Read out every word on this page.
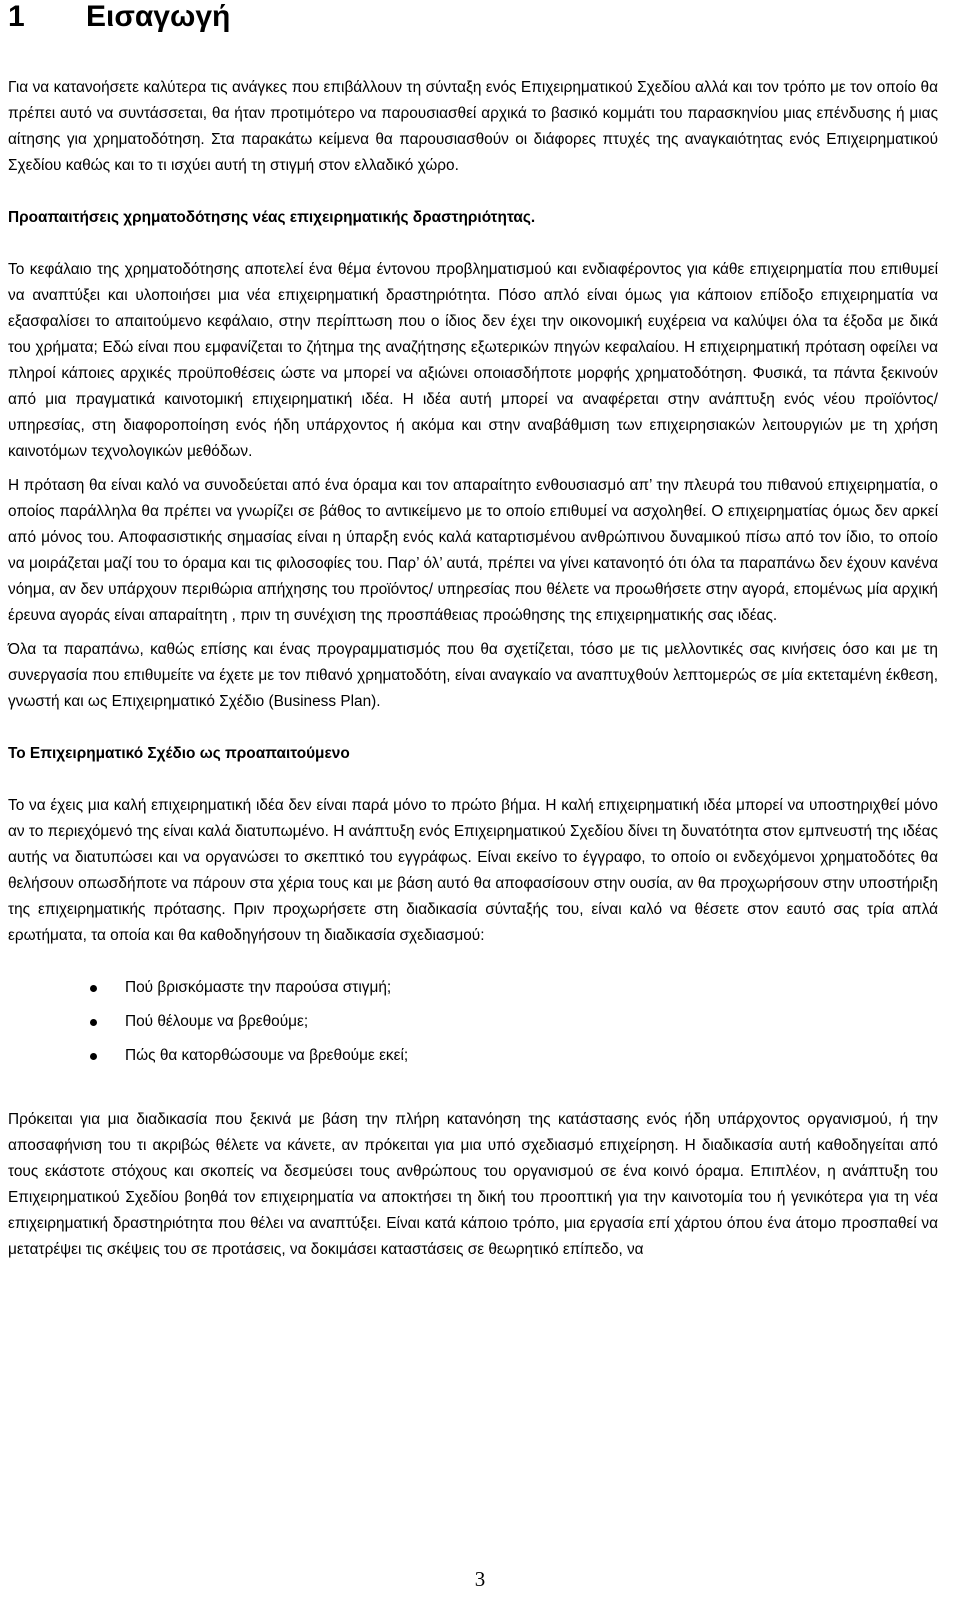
1	Εισαγωγή

Για να κατανοήσετε καλύτερα τις ανάγκες που επιβάλλουν τη σύνταξη ενός Επιχειρηματικού Σχεδίου αλλά και τον τρόπο με τον οποίο θα πρέπει αυτό να συντάσσεται, θα ήταν προτιμότερο να παρουσιασθεί αρχικά το βασικό κομμάτι του παρασκηνίου μιας επένδυσης ή μιας αίτησης για χρηματοδότηση. Στα παρακάτω κείμενα θα παρουσιασθούν οι διάφορες πτυχές της αναγκαιότητας ενός Επιχειρηματικού Σχεδίου καθώς και το τι ισχύει αυτή τη στιγμή στον ελλαδικό χώρο.

Προαπαιτήσεις χρηματοδότησης νέας επιχειρηματικής δραστηριότητας.

Το κεφάλαιο της χρηματοδότησης αποτελεί ένα θέμα έντονου προβληματισμού και ενδιαφέροντος για κάθε επιχειρηματία που επιθυμεί να αναπτύξει και υλοποιήσει μια νέα επιχειρηματική δραστηριότητα. Πόσο απλό είναι όμως για κάποιον επίδοξο επιχειρηματία να εξασφαλίσει το απαιτούμενο κεφάλαιο, στην περίπτωση που ο ίδιος δεν έχει την οικονομική ευχέρεια να καλύψει όλα τα έξοδα με δικά του χρήματα; Εδώ είναι που εμφανίζεται το ζήτημα της αναζήτησης εξωτερικών πηγών κεφαλαίου. Η επιχειρηματική πρόταση οφείλει να πληροί κάποιες αρχικές προϋποθέσεις ώστε να μπορεί να αξιώνει οποιασδήποτε μορφής χρηματοδότηση. Φυσικά, τα πάντα ξεκινούν από μια πραγματικά καινοτομική επιχειρηματική ιδέα. Η ιδέα αυτή μπορεί να αναφέρεται στην ανάπτυξη ενός νέου προϊόντος/ υπηρεσίας, στη διαφοροποίηση ενός ήδη υπάρχοντος ή ακόμα και στην αναβάθμιση των επιχειρησιακών λειτουργιών με τη χρήση καινοτόμων τεχνολογικών μεθόδων.

Η πρόταση θα είναι καλό να συνοδεύεται από ένα όραμα και τον απαραίτητο ενθουσιασμό απ’ την πλευρά του πιθανού επιχειρηματία, ο οποίος παράλληλα θα πρέπει να γνωρίζει σε βάθος το αντικείμενο με το οποίο επιθυμεί να ασχοληθεί. Ο επιχειρηματίας όμως δεν αρκεί από μόνος του. Αποφασιστικής σημασίας είναι η ύπαρξη ενός καλά καταρτισμένου ανθρώπινου δυναμικού πίσω από τον ίδιο, το οποίο να μοιράζεται μαζί του το όραμα και τις φιλοσοφίες του. Παρ’ όλ’ αυτά, πρέπει να γίνει κατανοητό ότι όλα τα παραπάνω δεν έχουν κανένα νόημα, αν δεν υπάρχουν περιθώρια απήχησης του προϊόντος/ υπηρεσίας που θέλετε να προωθήσετε στην αγορά, επομένως μία αρχική έρευνα αγοράς είναι απαραίτητη , πριν τη συνέχιση της προσπάθειας προώθησης της επιχειρηματικής σας ιδέας.

Όλα τα παραπάνω, καθώς επίσης και ένας προγραμματισμός που θα σχετίζεται, τόσο με τις μελλοντικές σας κινήσεις όσο και με τη συνεργασία που επιθυμείτε να έχετε με τον πιθανό χρηματοδότη, είναι αναγκαίο να αναπτυχθούν λεπτομερώς σε μία εκτεταμένη έκθεση, γνωστή και ως Επιχειρηματικό Σχέδιο (Business Plan).

Το Επιχειρηματικό Σχέδιο ως προαπαιτούμενο

Το να έχεις μια καλή επιχειρηματική ιδέα δεν είναι παρά μόνο το πρώτο βήμα. Η καλή επιχειρηματική ιδέα μπορεί να υποστηριχθεί μόνο αν το περιεχόμενό της είναι καλά διατυπωμένο. Η ανάπτυξη ενός Επιχειρηματικού Σχεδίου δίνει τη δυνατότητα στον εμπνευστή της ιδέας αυτής να διατυπώσει και να οργανώσει το σκεπτικό του εγγράφως. Είναι εκείνο το έγγραφο, το οποίο οι ενδεχόμενοι χρηματοδότες θα θελήσουν οπωσδήποτε να πάρουν στα χέρια τους και με βάση αυτό θα αποφασίσουν στην ουσία, αν θα προχωρήσουν στην υποστήριξη της επιχειρηματικής πρότασης. Πριν προχωρήσετε στη διαδικασία σύνταξής του, είναι καλό να θέσετε στον εαυτό σας τρία απλά ερωτήματα, τα οποία και θα καθοδηγήσουν τη διαδικασία σχεδιασμού:

Πού βρισκόμαστε την παρούσα στιγμή;
Πού θέλουμε να βρεθούμε;
Πώς θα κατορθώσουμε να βρεθούμε εκεί;

Πρόκειται για μια διαδικασία που ξεκινά με βάση την πλήρη κατανόηση της κατάστασης ενός ήδη υπάρχοντος οργανισμού, ή την αποσαφήνιση του τι ακριβώς θέλετε να κάνετε, αν πρόκειται για μια υπό σχεδιασμό επιχείρηση. Η διαδικασία αυτή καθοδηγείται από τους εκάστοτε στόχους και σκοπείς να δεσμεύσει τους ανθρώπους του οργανισμού σε ένα κοινό όραμα. Επιπλέον, η ανάπτυξη του Επιχειρηματικού Σχεδίου βοηθά τον επιχειρηματία να αποκτήσει τη δική του προοπτική για την καινοτομία του ή γενικότερα για τη νέα επιχειρηματική δραστηριότητα που θέλει να αναπτύξει. Είναι κατά κάποιο τρόπο, μια εργασία επί χάρτου όπου ένα άτομο προσπαθεί να μετατρέψει τις σκέψεις του σε προτάσεις, να δοκιμάσει καταστάσεις σε θεωρητικό επίπεδο, να

3
